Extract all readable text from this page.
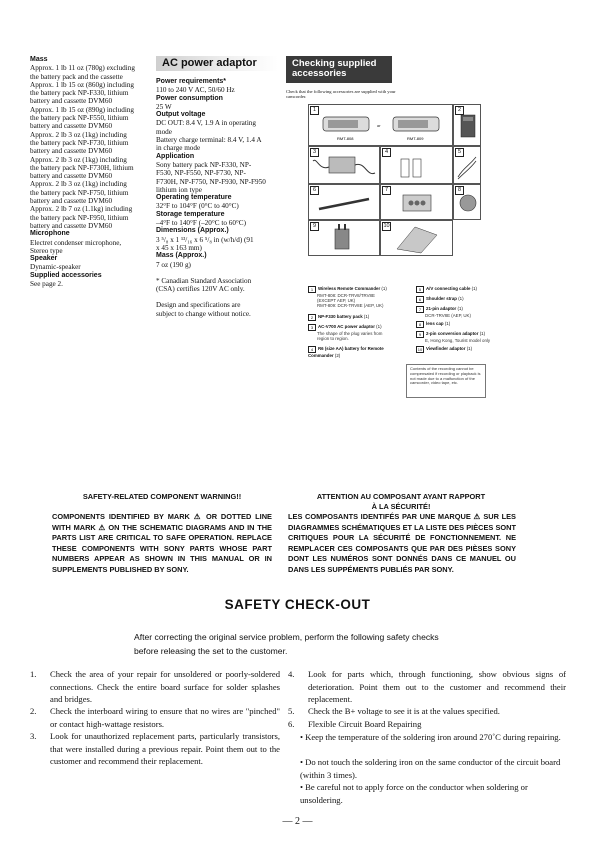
Mass
Approx. 1 lb 11 oz (780g) excluding
the battery pack and the cassette
Approx. 1 lb 15 oz (860g) including
the battery pack NP-F330, lithium
battery and cassette DVM60
Approx. 1 lb 15 oz (890g) including
the battery pack NP-F550, lithium
battery and cassette DVM60
Approx. 2 lb 3 oz (1kg) including
the battery pack NP-F730, lithium
battery and cassette DVM60
Approx. 2 lb 3 oz (1kg) including
the battery pack NP-F730H, lithium
battery and cassette DVM60
Approx. 2 lb 3 oz (1kg) including
the battery pack NP-F750, lithium
battery and cassette DVM60
Approx. 2 lb 7 oz (1.1kg) including
the battery pack NP-F950, lithium
battery and cassette DVM60
Microphone
Electret condenser microphone,
Stereo type
Speaker
Dynamic-speaker
Supplied accessories
See page 2.
AC power adaptor
Power requirements*
110 to 240 V AC, 50/60 Hz
Power consumption
25 W
Output voltage
DC OUT: 8.4 V, 1.9 A in operating
mode
Battery charge terminal: 8.4 V, 1.4 A
in charge mode
Application
Sony battery pack NP-F330, NP-
F530, NP-F550, NP-F730, NP-
F730H, NP-F750, NP-F930, NP-F950
lithium ion type
Operating temperature
32°F to 104°F (0°C to 40°C)
Storage temperature
–4°F to 140°F (–20°C to 60°C)
Dimensions (Approx.)
3 ⁵/₈ x 1 ¹³/₁₆ x 6 ⁵/₈ in (w/h/d) (91
x 45 x 163 mm)
Mass (Approx.)
7 oz (190 g)
* Canadian Standard Association
(CSA) certifies 120V AC only.
Design and specifications are
subject to change without notice.
Checking supplied
accessories
Check that the following accessories are supplied with your camcorder.
1
RMT-808	RMT-809
or
2
3	4	5
6	7	8
9	10
1 Wireless Remote Commander (1)
RMT-808: DCR-TRV8/TRV8E
(EXCEPT AEP, UK)
RMT-809: DCR-TRV8E (AEP, UK)
2 NP-F330 battery pack (1)
3 AC-V700 AC power adaptor (1)
The shape of the plug varies from region to region.
4 R6 (size AA) battery for Remote Commander (2)
5 A/V connecting cable (1)
6 Shoulder strap (1)
7 21-pin adaptor (1)
DCR-TRV8E (AEP, UK)
8 lens cap (1)
9 2-pin conversion adaptor (1)
E, Hong Kong, Tourist model only
10 Viewfinder adaptor (1)
Contents of the recording cannot be compensated if recording or playback is not made due to a malfunction of the camcorder, video tape, etc.
SAFETY-RELATED COMPONENT WARNING!!
COMPONENTS IDENTIFIED BY MARK ⚠ OR DOTTED LINE WITH MARK ⚠ ON THE SCHEMATIC DIAGRAMS AND IN THE PARTS LIST ARE CRITICAL TO SAFE OPERATION. REPLACE THESE COMPONENTS WITH SONY PARTS WHOSE PART NUMBERS APPEAR AS SHOWN IN THIS MANUAL OR IN SUPPLEMENTS PUBLISHED BY SONY.
ATTENTION AU COMPOSANT AYANT RAPPORT
À LA SÉCURITÉ!
LES COMPOSANTS IDENTIFÉS PAR UNE MARQUE ⚠ SUR LES DIAGRAMMES SCHÉMATIQUES ET LA LISTE DES PIÈCES SONT CRITIQUES POUR LA SÉCURITÉ DE FONCTIONNEMENT. NE REMPLACER CES COMPOSANTS QUE PAR DES PIÈSES SONY DONT LES NUMÉROS SONT DONNÉS DANS CE MANUEL OU DANS LES SUPPÉMENTS PUBLIÉS PAR SONY.
SAFETY CHECK-OUT
After correcting the original service problem, perform the following safety checks before releasing the set to the customer.
1. Check the area of your repair for unsoldered or poorly-soldered connections. Check the entire board surface for solder splashes and bridges.
2. Check the interboard wiring to ensure that no wires are "pinched" or contact high-wattage resistors.
3. Look for unauthorized replacement parts, particularly transistors, that were installed during a previous repair. Point them out to the customer and recommend their replacement.
4. Look for parts which, through functioning, show obvious signs of deterioration. Point them out to the customer and recommend their replacement.
5. Check the B+ voltage to see it is at the values specified.
6. Flexible Circuit Board Repairing
• Keep the temperature of the soldering iron around 270˚C during repairing.
• Do not touch the soldering iron on the same conductor of the circuit board (within 3 times).
• Be careful not to apply force on the conductor when soldering or unsoldering.
— 2 —
